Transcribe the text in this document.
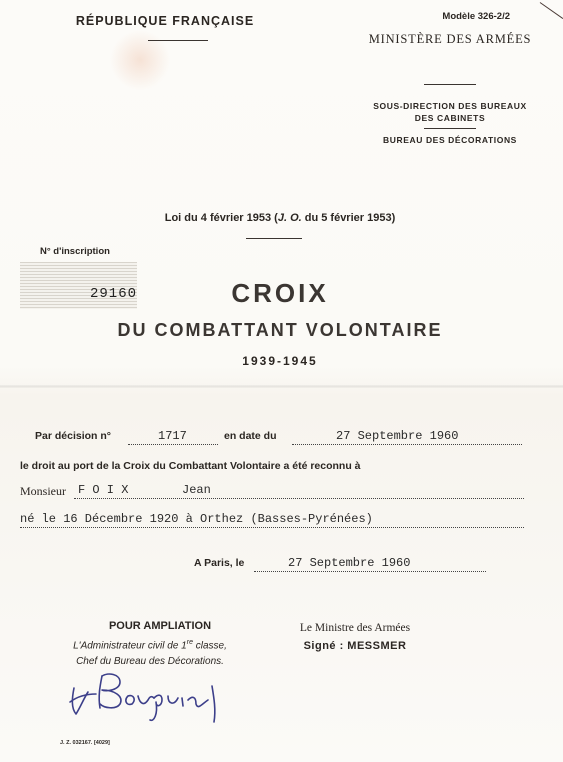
RÉPUBLIQUE FRANÇAISE	Modèle 326-2/2
MINISTÈRE DES ARMÉES
SOUS-DIRECTION DES BUREAUX
DES CABINETS
BUREAU DES DÉCORATIONS
Loi du 4 février 1953 (J. O. du 5 février 1953)
N° d'inscription
29160	CROIX
DU COMBATTANT VOLONTAIRE
1939-1945
Par décision n°	1717	en date du	27 Septembre 1960
le droit au port de la Croix du Combattant Volontaire a été reconnu à
Monsieur F O I X	Jean
né le 16 Décembre 1920 à Orthez (Basses-Pyrénées)
A Paris, le	27 Septembre 1960
POUR AMPLIATION
L'Administrateur civil de 1re classe,
Chef du Bureau des Décorations.
Le Ministre des Armées
Signé : MESSMER
J. Z. 032167. [4029]
